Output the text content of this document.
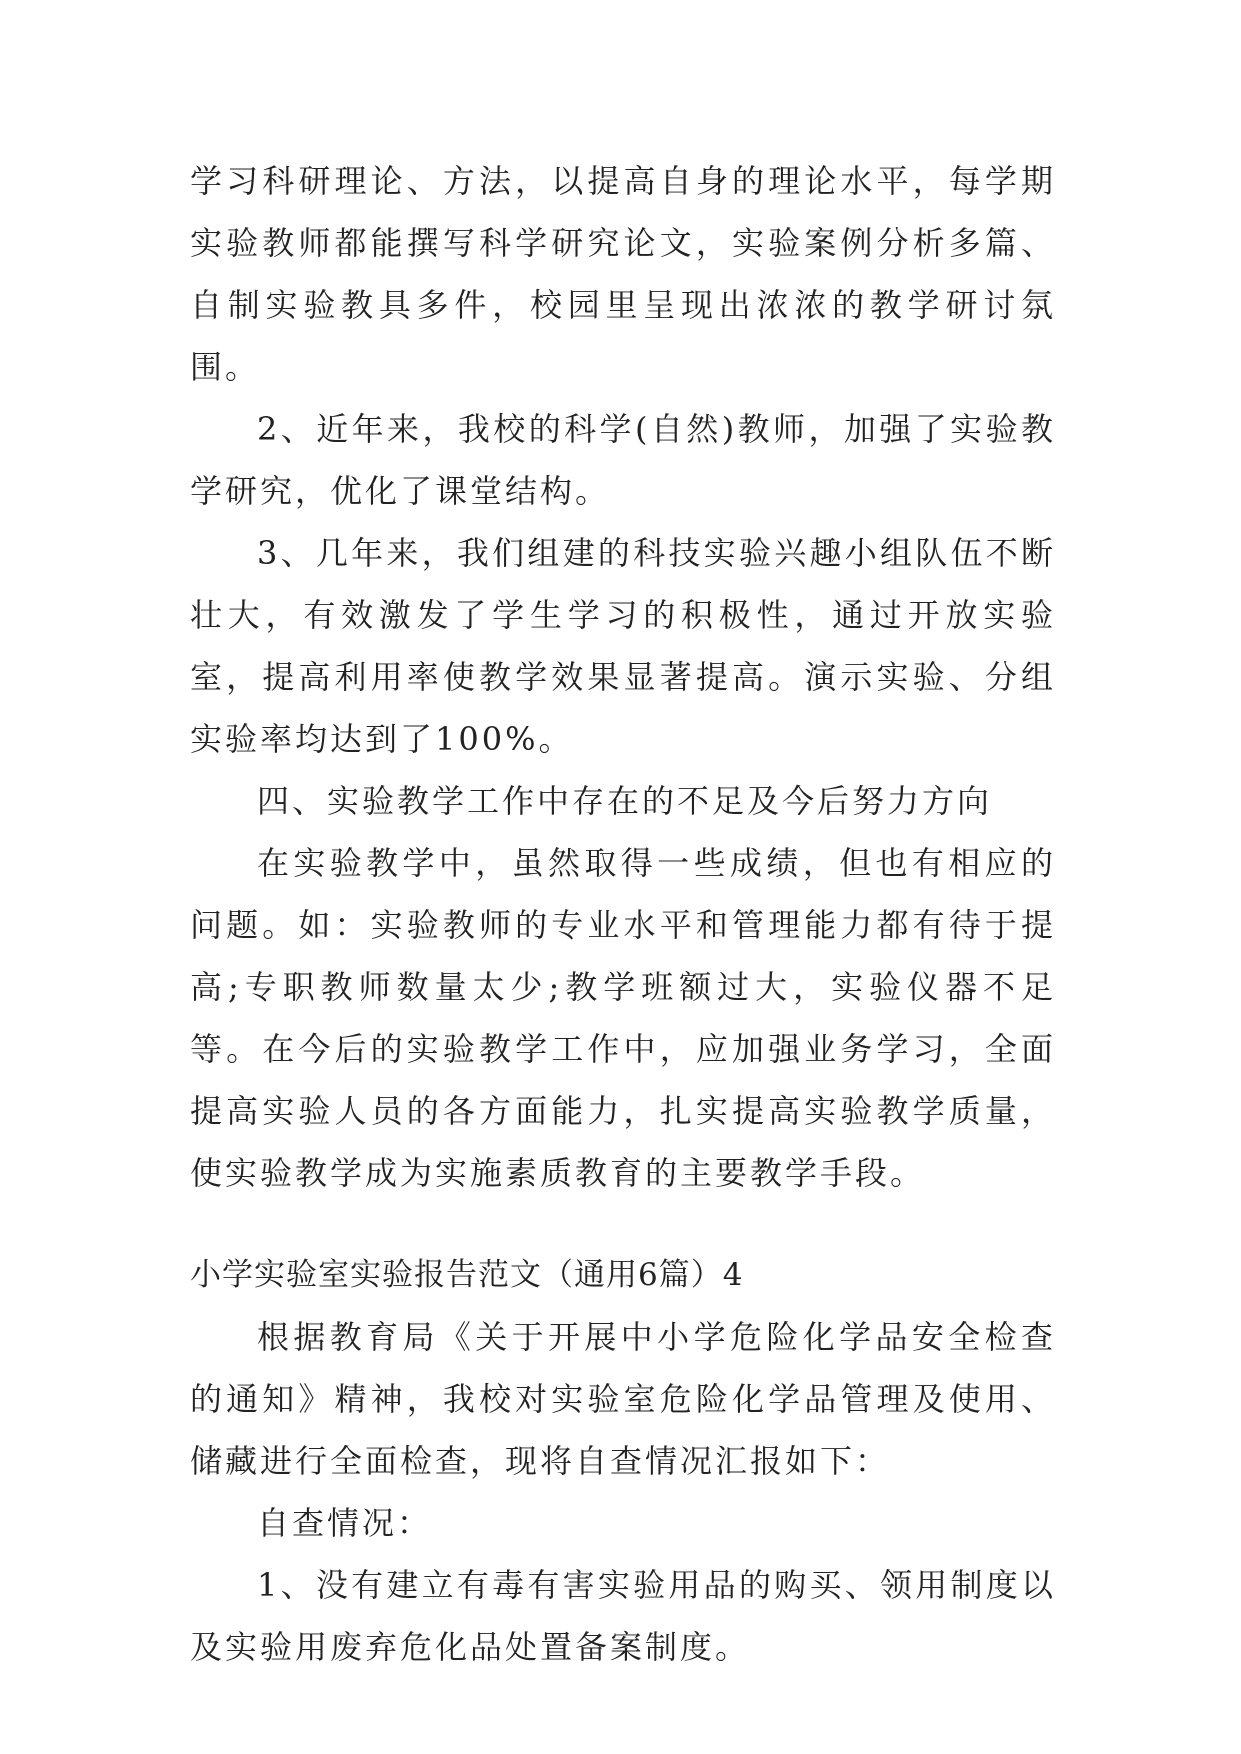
学习科研理论、方法，以提高自身的理论水平，每学期实验教师都能撰写科学研究论文，实验案例分析多篇、自制实验教具多件，校园里呈现出浓浓的教学研讨氛围。

2、近年来，我校的科学(自然)教师，加强了实验教学研究，优化了课堂结构。

3、几年来，我们组建的科技实验兴趣小组队伍不断壮大，有效激发了学生学习的积极性，通过开放实验室，提高利用率使教学效果显著提高。演示实验、分组实验率均达到了100%。

四、实验教学工作中存在的不足及今后努力方向

在实验教学中，虽然取得一些成绩，但也有相应的问题。如：实验教师的专业水平和管理能力都有待于提高;专职教师数量太少;教学班额过大，实验仪器不足等。在今后的实验教学工作中，应加强业务学习，全面提高实验人员的各方面能力，扎实提高实验教学质量，使实验教学成为实施素质教育的主要教学手段。

小学实验室实验报告范文（通用6篇）4

根据教育局《关于开展中小学危险化学品安全检查的通知》精神，我校对实验室危险化学品管理及使用、储藏进行全面检查，现将自查情况汇报如下：

自查情况：

1、没有建立有毒有害实验用品的购买、领用制度以及实验用废弃危化品处置备案制度。
